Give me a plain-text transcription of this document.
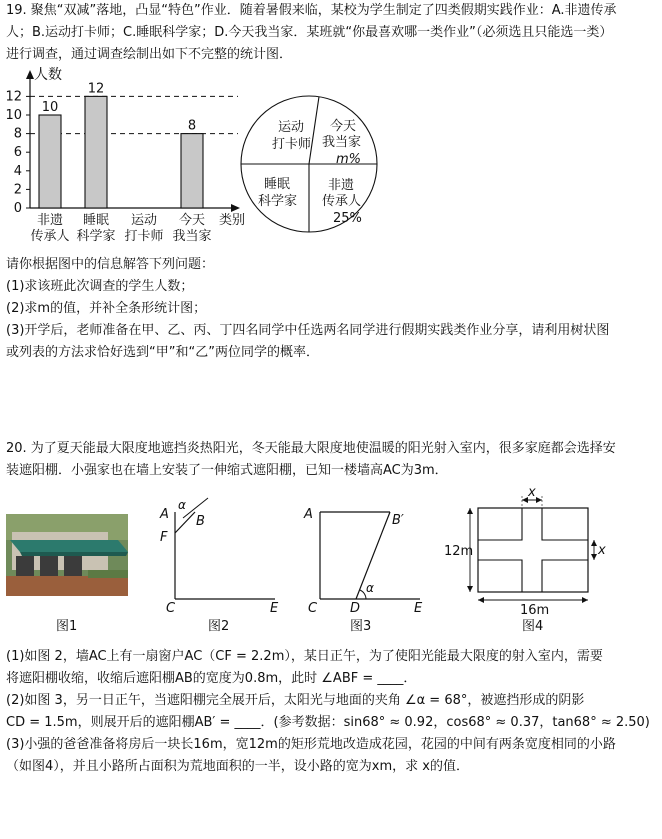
19. 聚焦“双减”落地，凸显“特色”作业．随着暑假来临，某校为学生制定了四类假期实践作业：A.非遗传承
人；B.运动打卡师；C.睡眠科学家；D.今天我当家．某班就“你最喜欢哪一类作业”（必须选且只能选一类）
进行调查，通过调查绘制出如下不完整的统计图．
人数
类别
0
2
4
6
8
10
12
10
12
8
非遗
传承人
睡眠
科学家
运动
打卡师
今天
我当家
运动
打卡师
今天
我当家
m%
睡眠
科学家
非遗
传承人
25%
请你根据图中的信息解答下列问题：
(1)求该班此次调查的学生人数；
(2)求m的值，并补全条形统计图；
(3)开学后，老师准备在甲、乙、丙、丁四名同学中任选两名同学进行假期实践类作业分享，请利用树状图
或列表的方法求恰好选到“甲”和“乙”两位同学的概率．
20. 为了夏天能最大限度地遮挡炎热阳光，冬天能最大限度地使温暖的阳光射入室内，很多家庭都会选择安
装遮阳棚．小强家也在墙上安装了一伸缩式遮阳棚，已知一楼墙高AC为3m．
A
α
B
F
C	E
A	B′
C	D	E
α
x
x
12m
16m
图1	图2	图3	图4
(1)如图 2，墙AC上有一扇窗户AC（CF = 2.2m），某日正午，为了使阳光能最大限度的射入室内，需要
将遮阳棚收缩，收缩后遮阳棚AB的宽度为0.8m，此时 ∠ABF = ____．
(2)如图 3，另一日正午，当遮阳棚完全展开后，太阳光与地面的夹角 ∠α = 68°，被遮挡形成的阴影
CD = 1.5m，则展开后的遮阳棚AB′ = ____．(参考数据：sin68° ≈ 0.92，cos68° ≈ 0.37，tan68° ≈ 2.50)
(3)小强的爸爸准备将房后一块长16m，宽12m的矩形荒地改造成花园，花园的中间有两条宽度相同的小路
（如图4），并且小路所占面积为荒地面积的一半，设小路的宽为xm，求 x的值．
